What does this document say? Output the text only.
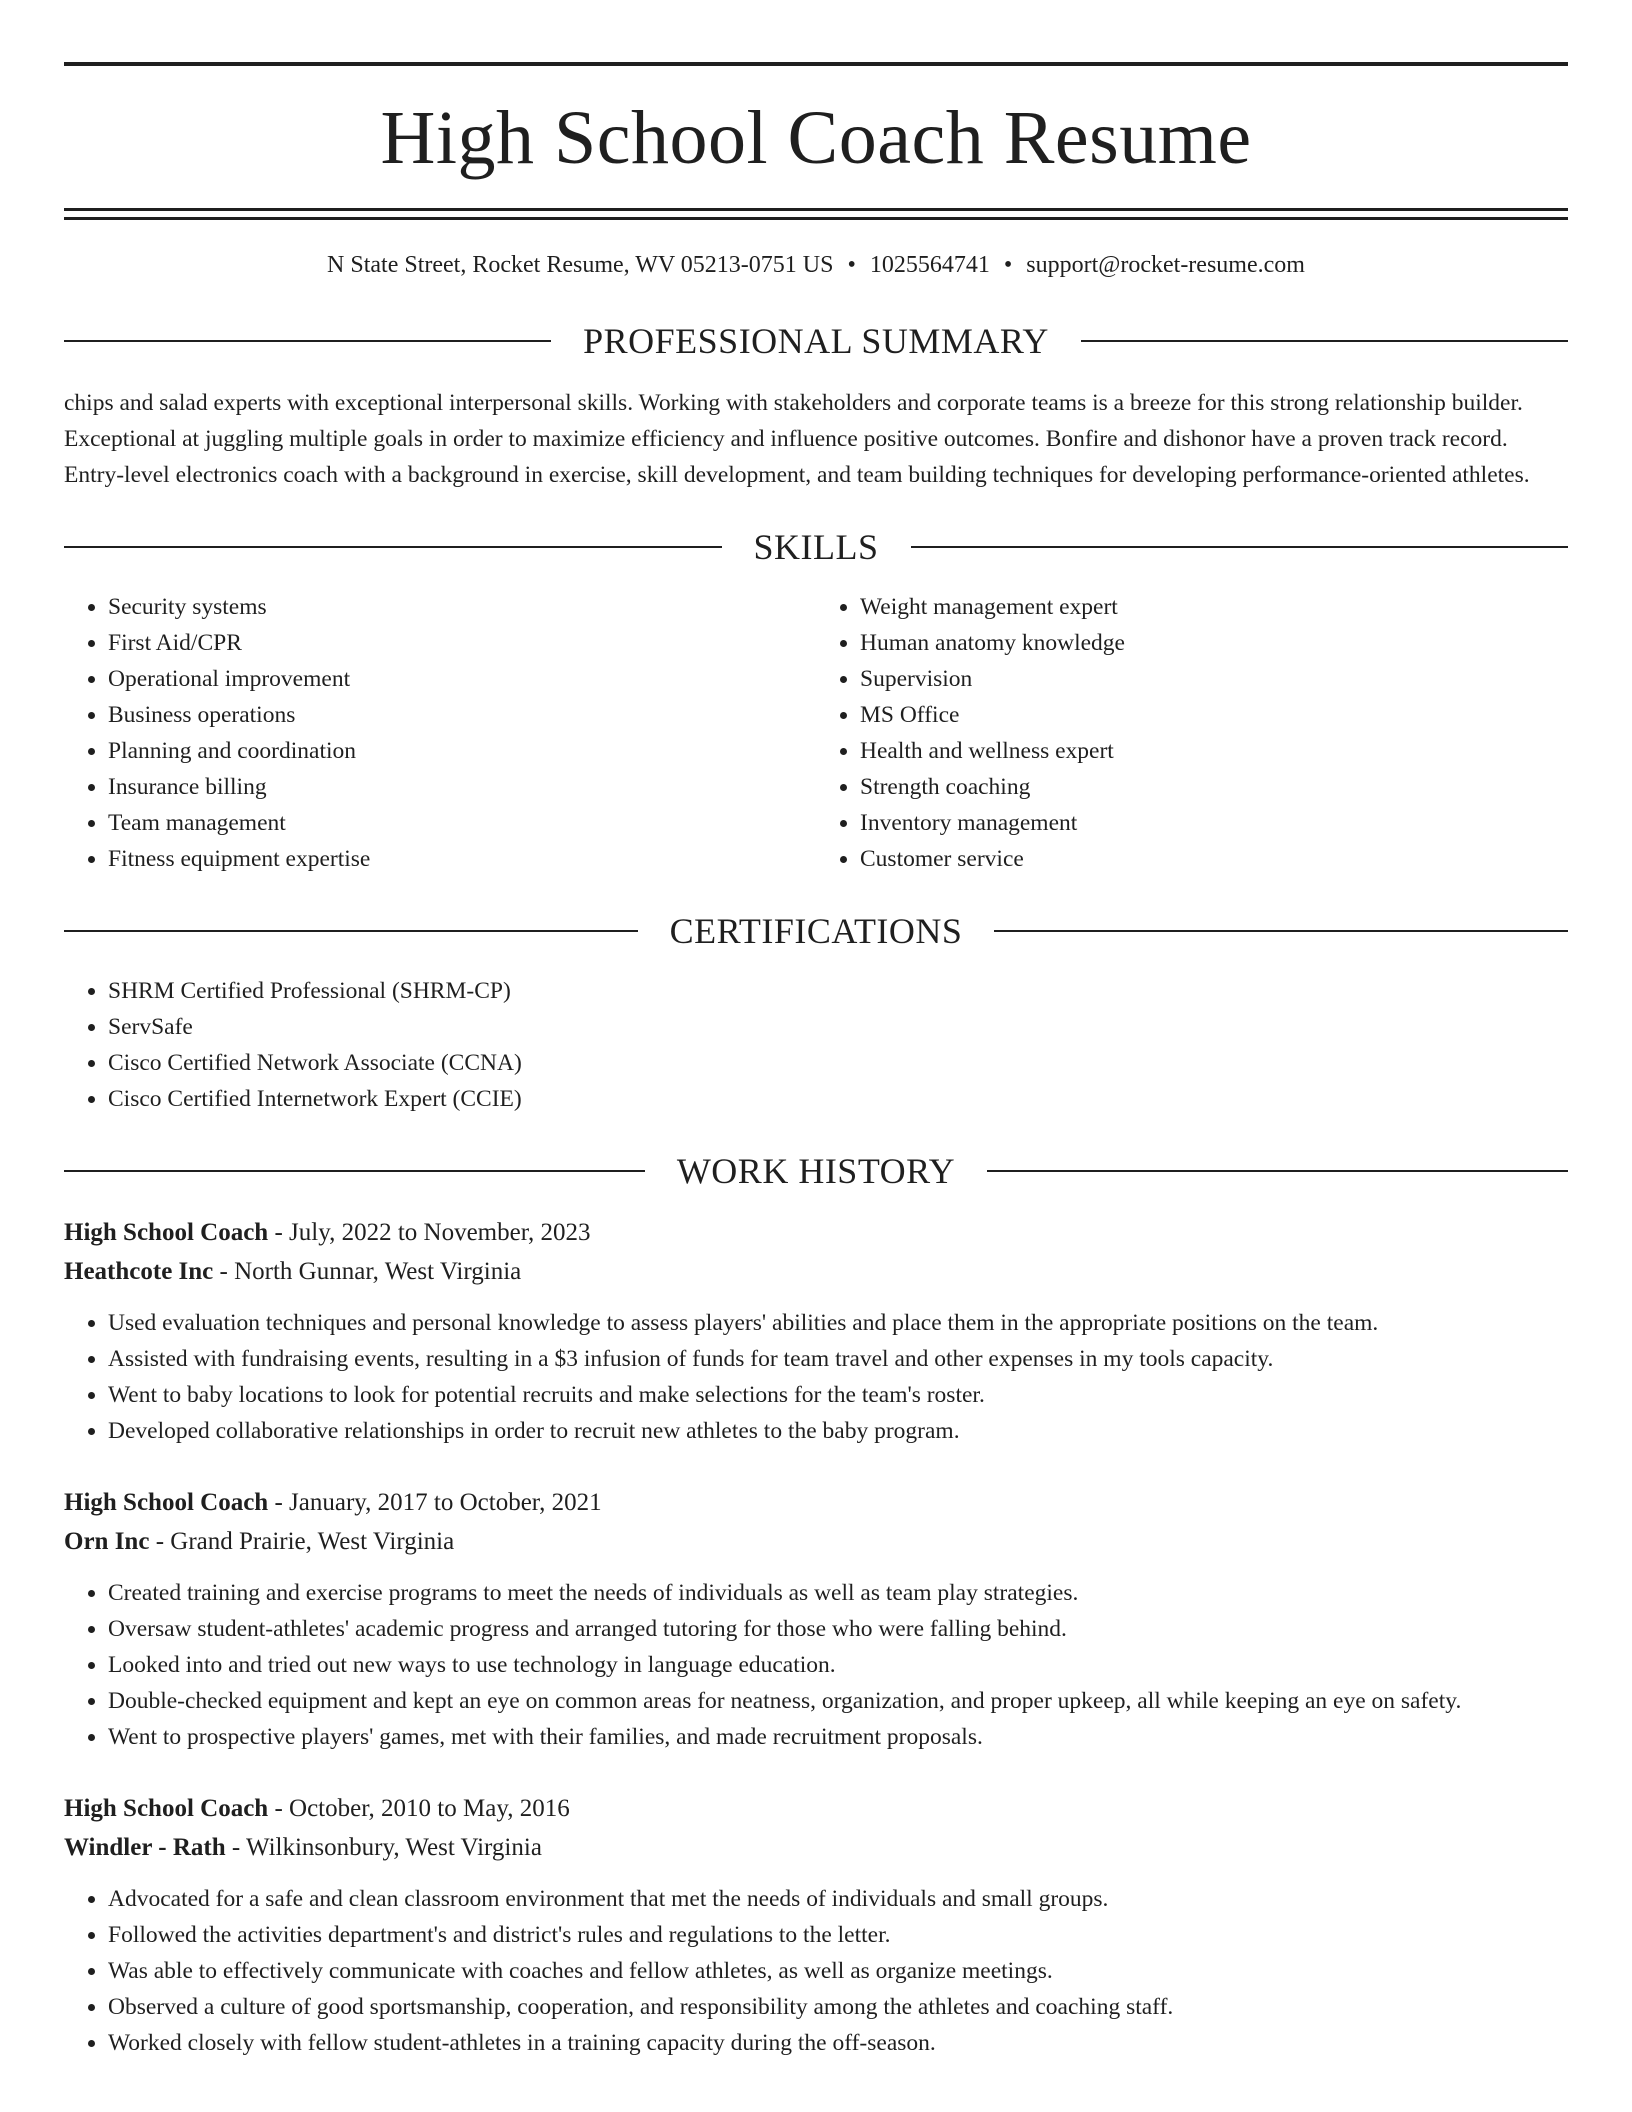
High School Coach Resume
N State Street, Rocket Resume, WV 05213-0751 US • 1025564741 • support@rocket-resume.com
PROFESSIONAL SUMMARY

chips and salad experts with exceptional interpersonal skills. Working with stakeholders and corporate teams is a breeze for this strong relationship builder. Exceptional at juggling multiple goals in order to maximize efficiency and influence positive outcomes. Bonfire and dishonor have a proven track record. Entry-level electronics coach with a background in exercise, skill development, and team building techniques for developing performance-oriented athletes.

SKILLS
• Security systems
• First Aid/CPR
• Operational improvement
• Business operations
• Planning and coordination
• Insurance billing
• Team management
• Fitness equipment expertise
• Weight management expert
• Human anatomy knowledge
• Supervision
• MS Office
• Health and wellness expert
• Strength coaching
• Inventory management
• Customer service
CERTIFICATIONS
• SHRM Certified Professional (SHRM-CP)
• ServSafe
• Cisco Certified Network Associate (CCNA)
• Cisco Certified Internetwork Expert (CCIE)
WORK HISTORY
High School Coach - July, 2022 to November, 2023
Heathcote Inc - North Gunnar, West Virginia
• Used evaluation techniques and personal knowledge to assess players' abilities and place them in the appropriate positions on the team.
• Assisted with fundraising events, resulting in a $3 infusion of funds for team travel and other expenses in my tools capacity.
• Went to baby locations to look for potential recruits and make selections for the team's roster.
• Developed collaborative relationships in order to recruit new athletes to the baby program.
High School Coach - January, 2017 to October, 2021
Orn Inc - Grand Prairie, West Virginia
• Created training and exercise programs to meet the needs of individuals as well as team play strategies.
• Oversaw student-athletes' academic progress and arranged tutoring for those who were falling behind.
• Looked into and tried out new ways to use technology in language education.
• Double-checked equipment and kept an eye on common areas for neatness, organization, and proper upkeep, all while keeping an eye on safety.
• Went to prospective players' games, met with their families, and made recruitment proposals.
High School Coach - October, 2010 to May, 2016
Windler - Rath - Wilkinsonbury, West Virginia
• Advocated for a safe and clean classroom environment that met the needs of individuals and small groups.
• Followed the activities department's and district's rules and regulations to the letter.
• Was able to effectively communicate with coaches and fellow athletes, as well as organize meetings.
• Observed a culture of good sportsmanship, cooperation, and responsibility among the athletes and coaching staff.
• Worked closely with fellow student-athletes in a training capacity during the off-season.
